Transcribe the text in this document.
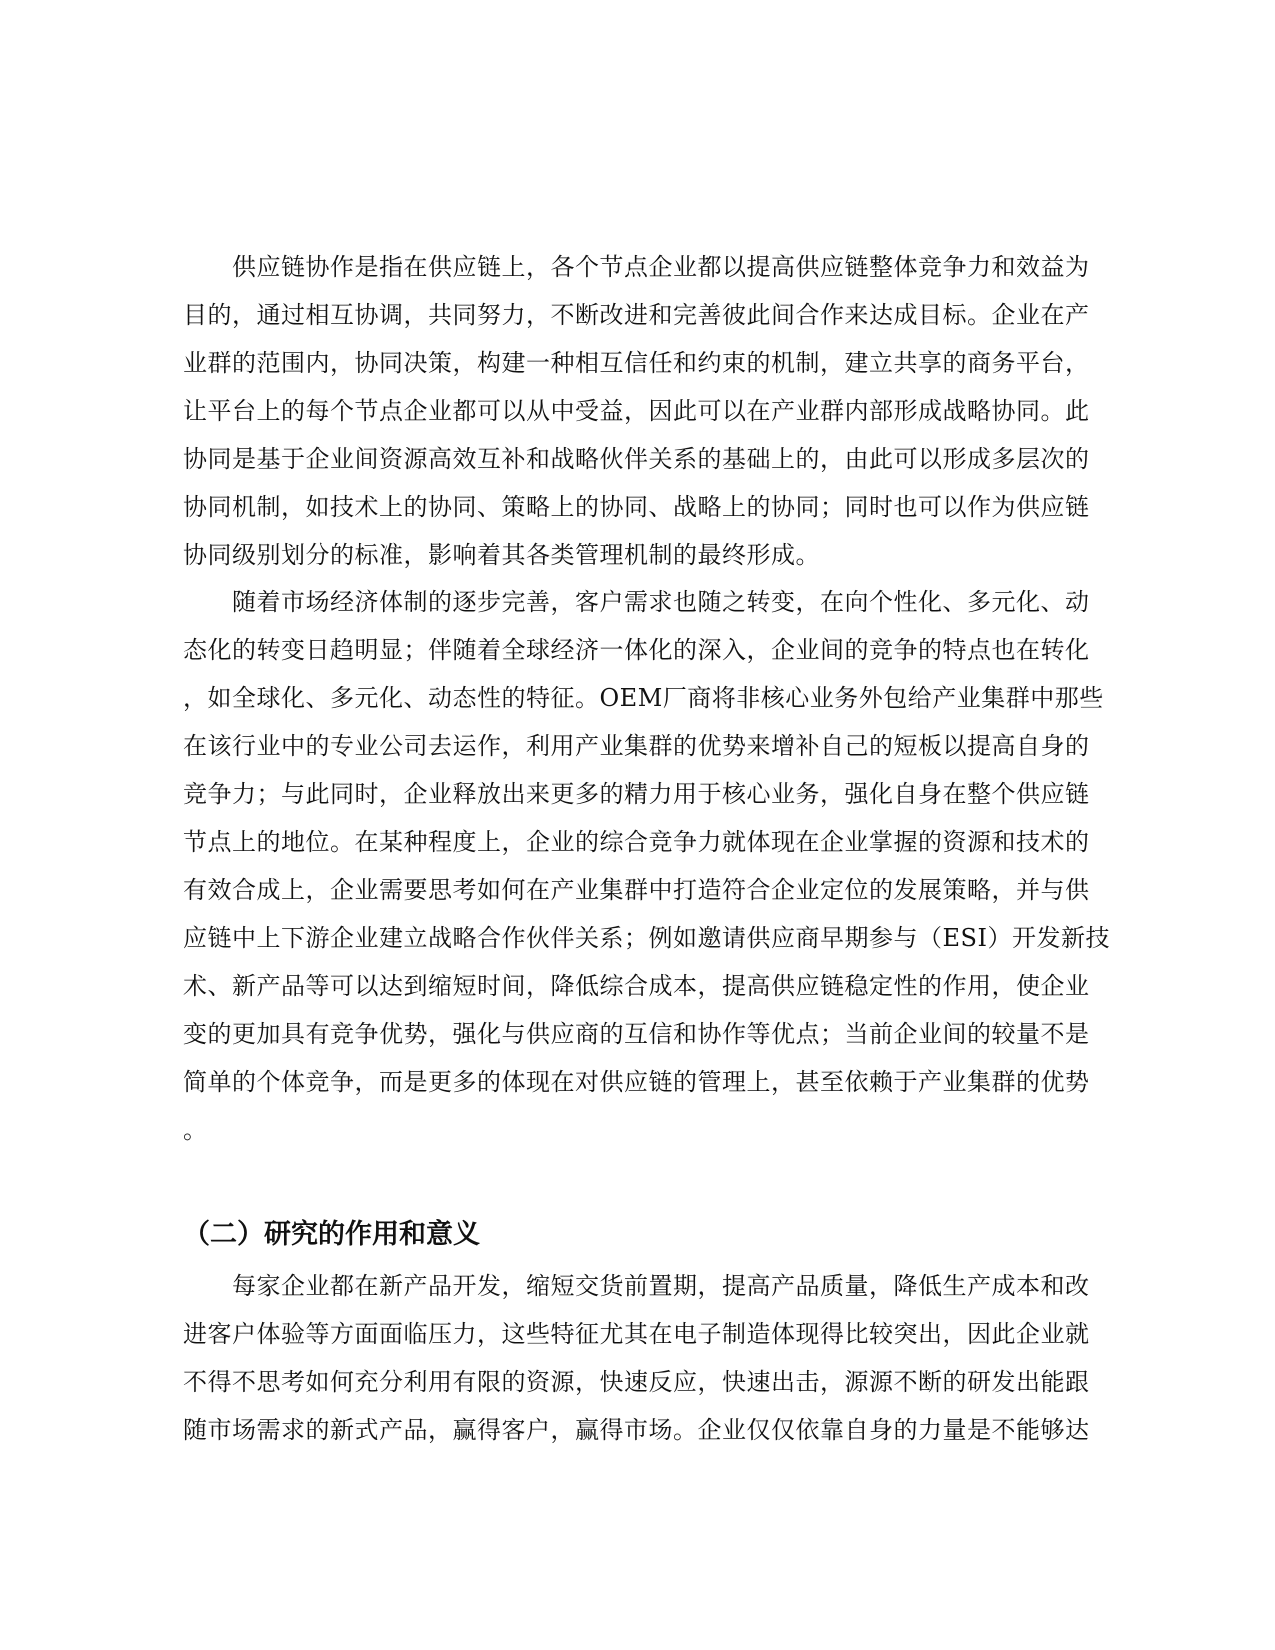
供应链协作是指在供应链上，各个节点企业都以提高供应链整体竞争力和效益为
目的，通过相互协调，共同努力，不断改进和完善彼此间合作来达成目标。企业在产
业群的范围内，协同决策，构建一种相互信任和约束的机制，建立共享的商务平台，
让平台上的每个节点企业都可以从中受益，因此可以在产业群内部形成战略协同。此
协同是基于企业间资源高效互补和战略伙伴关系的基础上的，由此可以形成多层次的
协同机制，如技术上的协同、策略上的协同、战略上的协同；同时也可以作为供应链
协同级别划分的标准，影响着其各类管理机制的最终形成。
随着市场经济体制的逐步完善，客户需求也随之转变，在向个性化、多元化、动
态化的转变日趋明显；伴随着全球经济一体化的深入，企业间的竞争的特点也在转化
，如全球化、多元化、动态性的特征。OEM厂商将非核心业务外包给产业集群中那些
在该行业中的专业公司去运作，利用产业集群的优势来增补自己的短板以提高自身的
竞争力；与此同时，企业释放出来更多的精力用于核心业务，强化自身在整个供应链
节点上的地位。在某种程度上，企业的综合竞争力就体现在企业掌握的资源和技术的
有效合成上，企业需要思考如何在产业集群中打造符合企业定位的发展策略，并与供
应链中上下游企业建立战略合作伙伴关系；例如邀请供应商早期参与（ESI）开发新技
术、新产品等可以达到缩短时间，降低综合成本，提高供应链稳定性的作用，使企业
变的更加具有竞争优势，强化与供应商的互信和协作等优点；当前企业间的较量不是
简单的个体竞争，而是更多的体现在对供应链的管理上，甚至依赖于产业集群的优势
。
（二）研究的作用和意义
每家企业都在新产品开发，缩短交货前置期，提高产品质量，降低生产成本和改
进客户体验等方面面临压力，这些特征尤其在电子制造体现得比较突出，因此企业就
不得不思考如何充分利用有限的资源，快速反应，快速出击，源源不断的研发出能跟
随市场需求的新式产品，赢得客户，赢得市场。企业仅仅依靠自身的力量是不能够达
